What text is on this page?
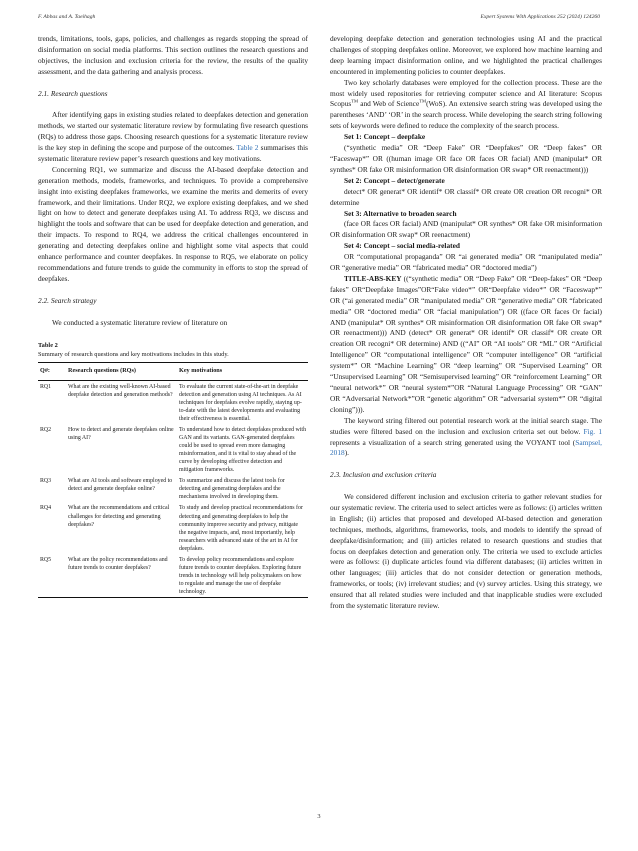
F. Abbas and A. Taeihagh	Expert Systems With Applications 252 (2024) 124260

trends, limitations, tools, gaps, policies, and challenges as regards stopping the spread of disinformation on social media platforms. This section outlines the research questions and objectives, the inclusion and exclusion criteria for the review, the results of the quality assessment, and the data gathering and analysis process.

2.1. Research questions

After identifying gaps in existing studies related to deepfakes detection and generation methods, we started our systematic literature review by formulating five research questions (RQs) to address those gaps. Choosing research questions for a systematic literature review is the key step in defining the scope and purpose of the outcomes. Table 2 summarises this systematic literature review paper’s research questions and key motivations.

Concerning RQ1, we summarize and discuss the AI-based deepfake detection and generation methods, models, frameworks, and techniques. To provide a comprehensive insight into existing deepfakes frameworks, we examine the merits and demerits of every framework, and their limitations. Under RQ2, we explore existing deepfakes, and we shed light on how to detect and generate deepfakes using AI. To address RQ3, we discuss and highlight the tools and software that can be used for deepfake detection and generation, and their impacts. To respond to RQ4, we address the critical challenges encountered in generating and detecting deepfakes online and highlight some vital aspects that could enhance performance and counter deepfakes. In response to RQ5, we elaborate on policy recommendations and future trends to guide the community in efforts to stop the spread of deepfakes.

2.2. Search strategy

We conducted a systematic literature review of literature on

Table 2
Summary of research questions and key motivations includes in this study.
Q#:	Research questions (RQs)	Key motivations
RQ1	What are the existing well-known AI-based deepfake detection and generation methods?	To evaluate the current state-of-the-art in deepfake detection and generation using AI techniques. As AI techniques for deepfakes evolve rapidly, staying up-to-date with the latest developments and evaluating their effectiveness is essential.
RQ2	How to detect and generate deepfakes online using AI?	To understand how to detect deepfakes produced with GAN and its variants. GAN-generated deepfakes could be used to spread even more damaging misinformation, and it is vital to stay ahead of the curve by developing effective detection and mitigation frameworks.
RQ3	What are AI tools and software employed to detect and generate deepfake online?	To summarize and discuss the latest tools for detecting and generating deepfakes and the mechanisms involved in developing them.
RQ4	What are the recommendations and critical challenges for detecting and generating deepfakes?	To study and develop practical recommendations for detecting and generating deepfakes to help the community improve security and privacy, mitigate the negative impacts, and, most importantly, help researchers with advanced state of the art in AI for deepfakes.
RQ5	What are the policy recommendations and future trends to counter deepfakes?	To develop policy recommendations and explore future trends to counter deepfakes. Exploring future trends in technology will help policymakers on how to regulate and manage the use of deepfake technology.

developing deepfake detection and generation technologies using AI and the practical challenges of stopping deepfakes online. Moreover, we explored how machine learning and deep learning impact disinformation online, and we highlighted the practical challenges encountered in implementing policies to counter deepfakes.

Two key scholarly databases were employed for the collection process. These are the most widely used repositories for retrieving computer science and AI literature: Scopus Scopus™ and Web of Science™(WoS). An extensive search string was developed using the parentheses ‘AND’ ‘OR’ in the search process. While developing the search string following sets of keywords were defined to reduce the complexity of the search process.

Set 1: Concept – deepfake

(“synthetic media” OR “Deep Fake” OR “Deepfakes” OR “Deep fakes” OR “Faceswap*” OR ((human image OR face OR faces OR facial) AND (manipulat* OR synthes* OR fake OR misinformation OR disinformation OR swap* OR reenactment)))

Set 2: Concept – detect/generate

detect* OR generat* OR identif* OR classif* OR create OR creation OR recogni* OR determine

Set 3: Alternative to broaden search

(face OR faces OR facial) AND (manipulat* OR synthes* OR fake OR misinformation OR disinformation OR swap* OR reenactment)

Set 4: Concept – social media-related

OR “computational propaganda” OR “ai generated media” OR “manipulated media” OR “generative media” OR “fabricated media” OR “doctored media”)

TITLE-ABS-KEY ((“synthetic media” OR “Deep Fake” OR “Deep-fakes” OR “Deep fakes” OR“Deepfake Images”OR“Fake video*” OR“Deepfake video*” OR “Faceswap*” OR (“ai generated media” OR “manipulated media” OR “generative media” OR “fabricated media” OR “doctored media” OR “facial manipulation”) OR ((face OR faces Or facial) AND (manipulat* OR synthes* OR misinformation OR disinformation OR fake OR swap* OR reenactment))) AND (detect* OR generat* OR identif* OR classif* OR create OR creation OR recogni* OR determine) AND ((“AI” OR “AI tools” OR “ML” OR “Artificial Intelligence” OR “computational intelligence” OR “computer intelligence” OR “artificial system*” OR “Machine Learning” OR “deep learning” OR “Supervised Learning” OR “Unsupervised Learning” OR “Semisupervised learning” OR “reinforcement Learning” OR “neural network*” OR “neural system*”OR “Natural Language Processing” OR “GAN” OR “Adversarial Network*”OR “genetic algorithm” OR “adversarial system*” OR “digital cloning”))).

The keyword string filtered out potential research work at the initial search stage. The studies were filtered based on the inclusion and exclusion criteria set out below. Fig. 1 represents a visualization of a search string generated using the VOYANT tool (Sampsel, 2018).

2.3. Inclusion and exclusion criteria

We considered different inclusion and exclusion criteria to gather relevant studies for our systematic review. The criteria used to select articles were as follows: (i) articles written in English; (ii) articles that proposed and developed AI-based detection and generation techniques, methods, algorithms, frameworks, tools, and models to identify the spread of deepfake/disinformation; and (iii) articles related to research questions and studies that focus on deepfakes detection and generation only. The criteria we used to exclude articles were as follows: (i) duplicate articles found via different databases; (ii) articles written in other languages; (iii) articles that do not consider detection or generation methods, frameworks, or tools; (iv) irrelevant studies; and (v) survey articles. Using this strategy, we ensured that all related studies were included and that inapplicable studies were excluded from the systematic literature review.

3
